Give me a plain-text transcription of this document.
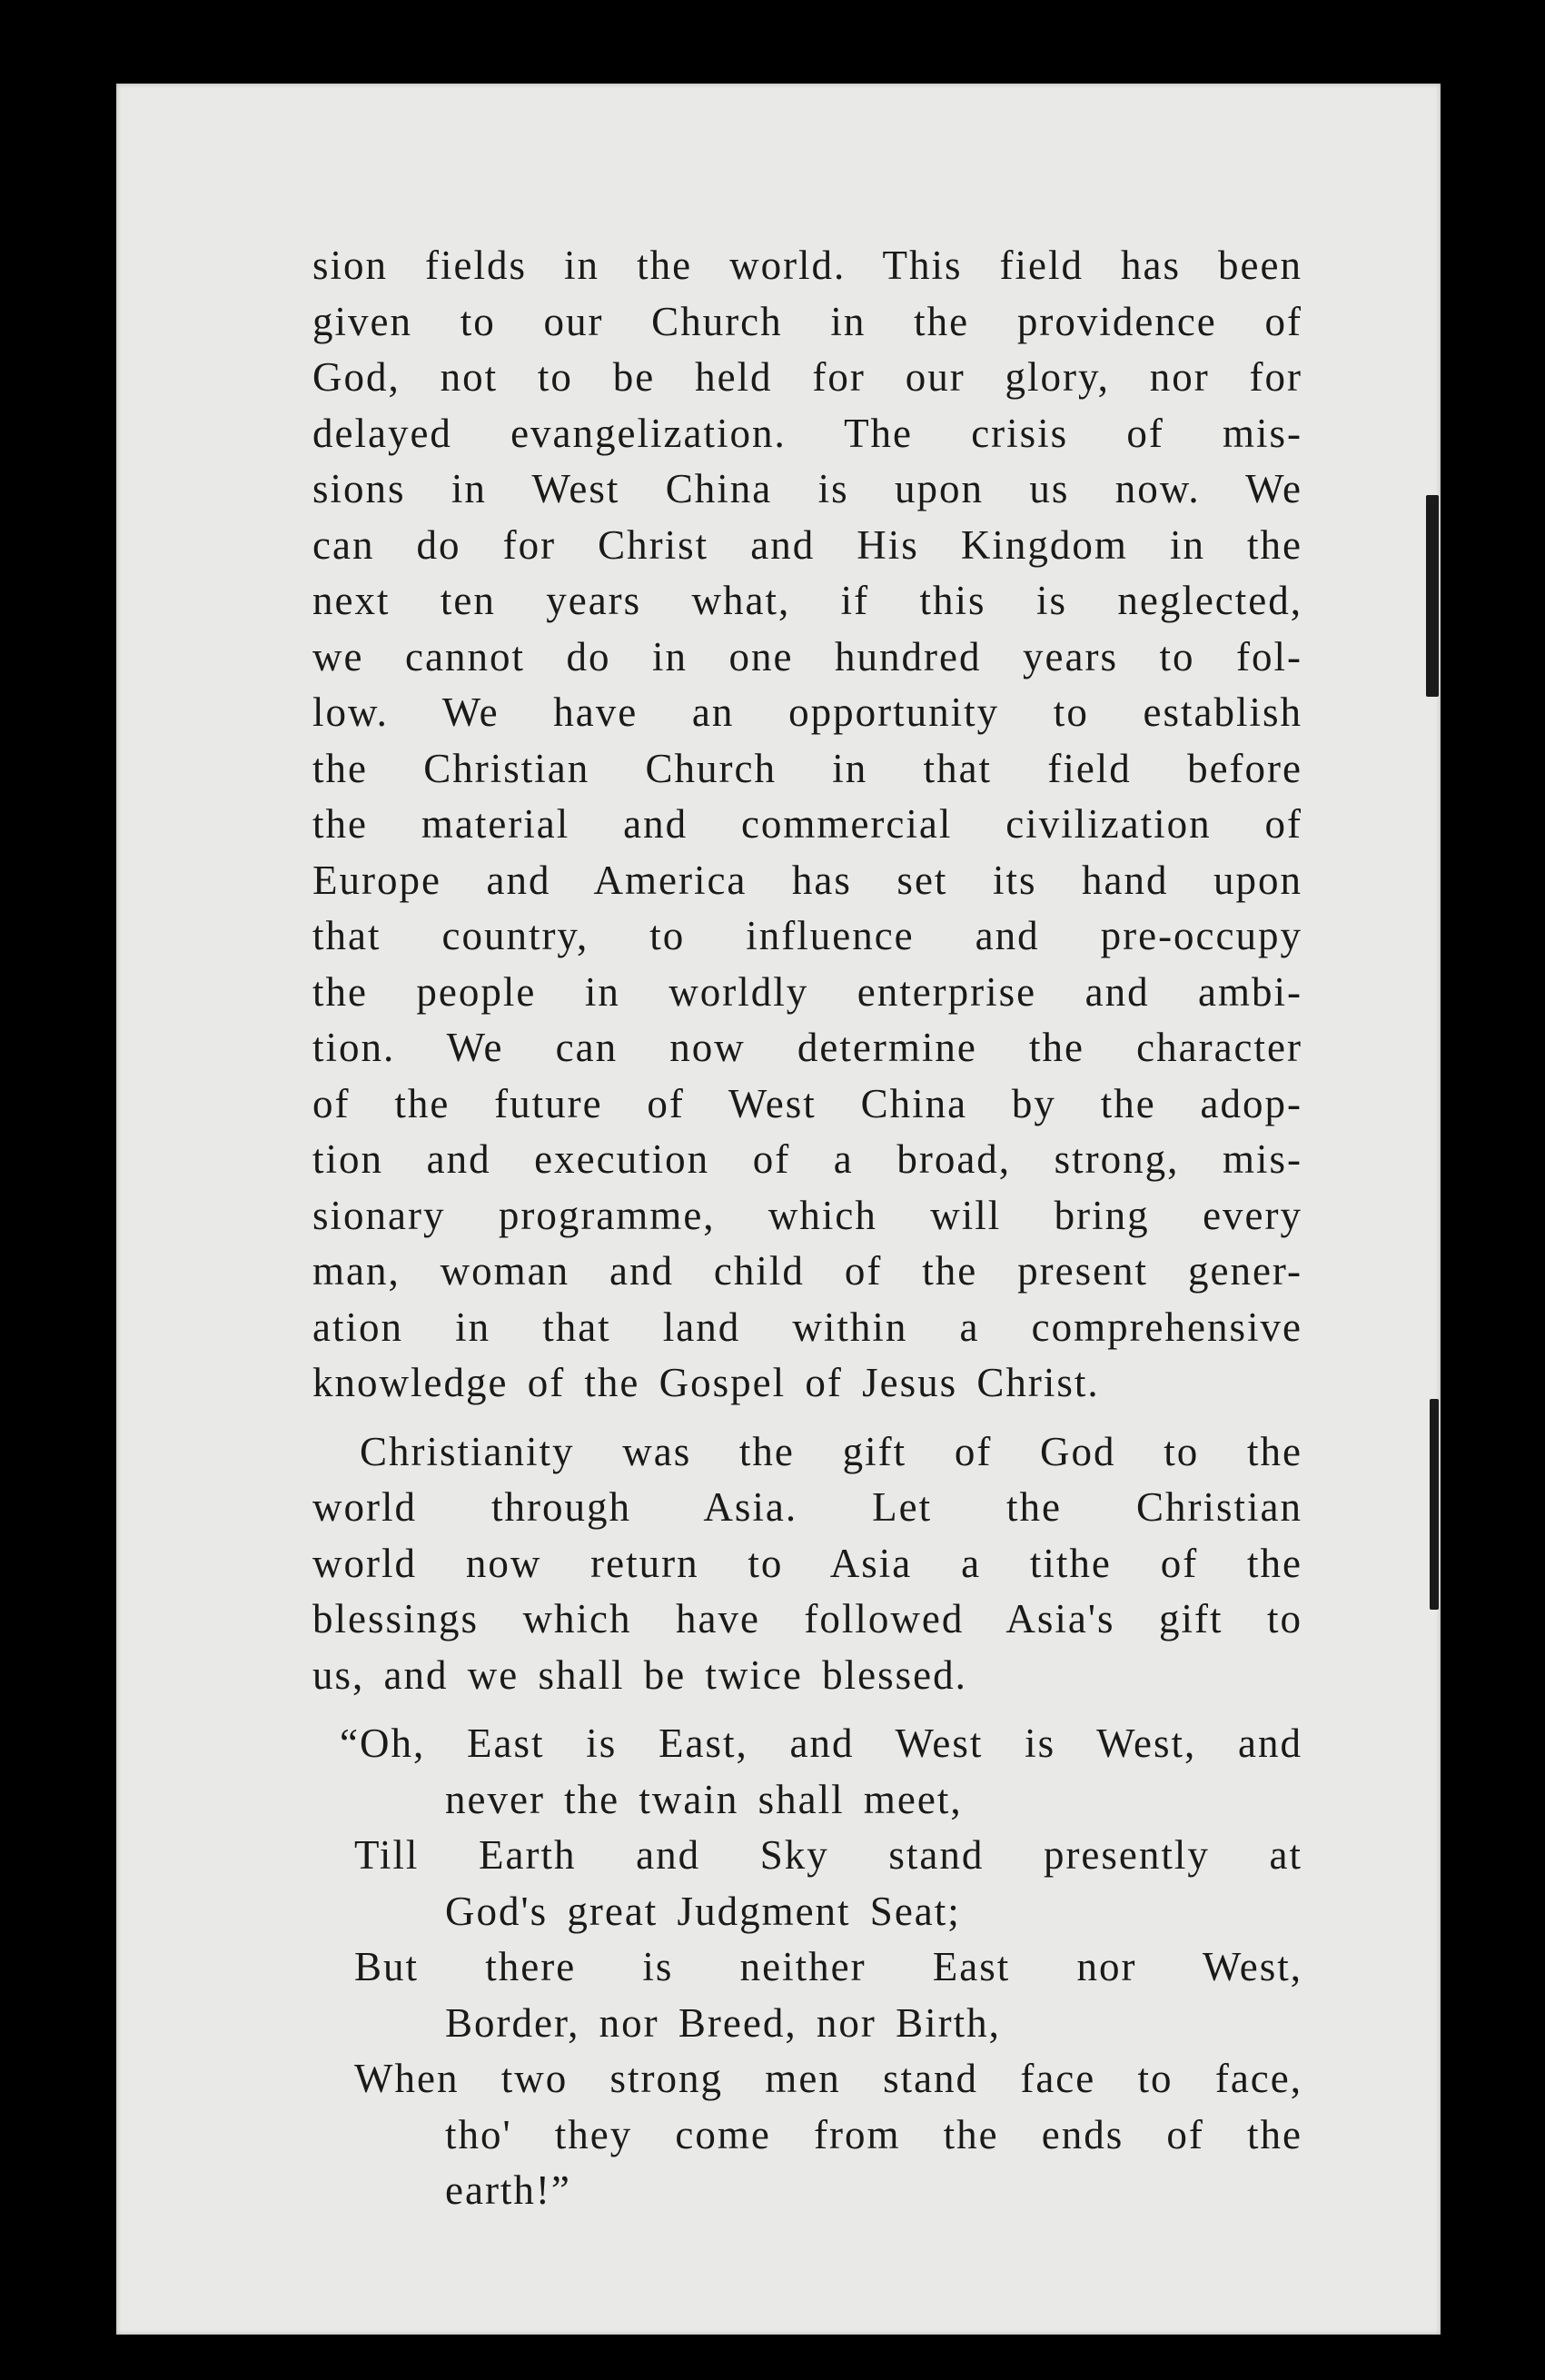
sion fields in the world. This field has been
given to our Church in the providence of
God, not to be held for our glory, nor for
delayed evangelization. The crisis of mis-
sions in West China is upon us now. We
can do for Christ and His Kingdom in the
next ten years what, if this is neglected,
we cannot do in one hundred years to fol-
low. We have an opportunity to establish
the Christian Church in that field before
the material and commercial civilization of
Europe and America has set its hand upon
that country, to influence and pre-occupy
the people in worldly enterprise and ambi-
tion. We can now determine the character
of the future of West China by the adop-
tion and execution of a broad, strong, mis-
sionary programme, which will bring every
man, woman and child of the present gener-
ation in that land within a comprehensive
knowledge of the Gospel of Jesus Christ.
Christianity was the gift of God to the
world through Asia. Let the Christian
world now return to Asia a tithe of the
blessings which have followed Asia's gift to
us, and we shall be twice blessed.
“Oh, East is East, and West is West, and
never the twain shall meet,
Till Earth and Sky stand presently at
God's great Judgment Seat;
But there is neither East nor West,
Border, nor Breed, nor Birth,
When two strong men stand face to face,
tho' they come from the ends of the
earth!”
